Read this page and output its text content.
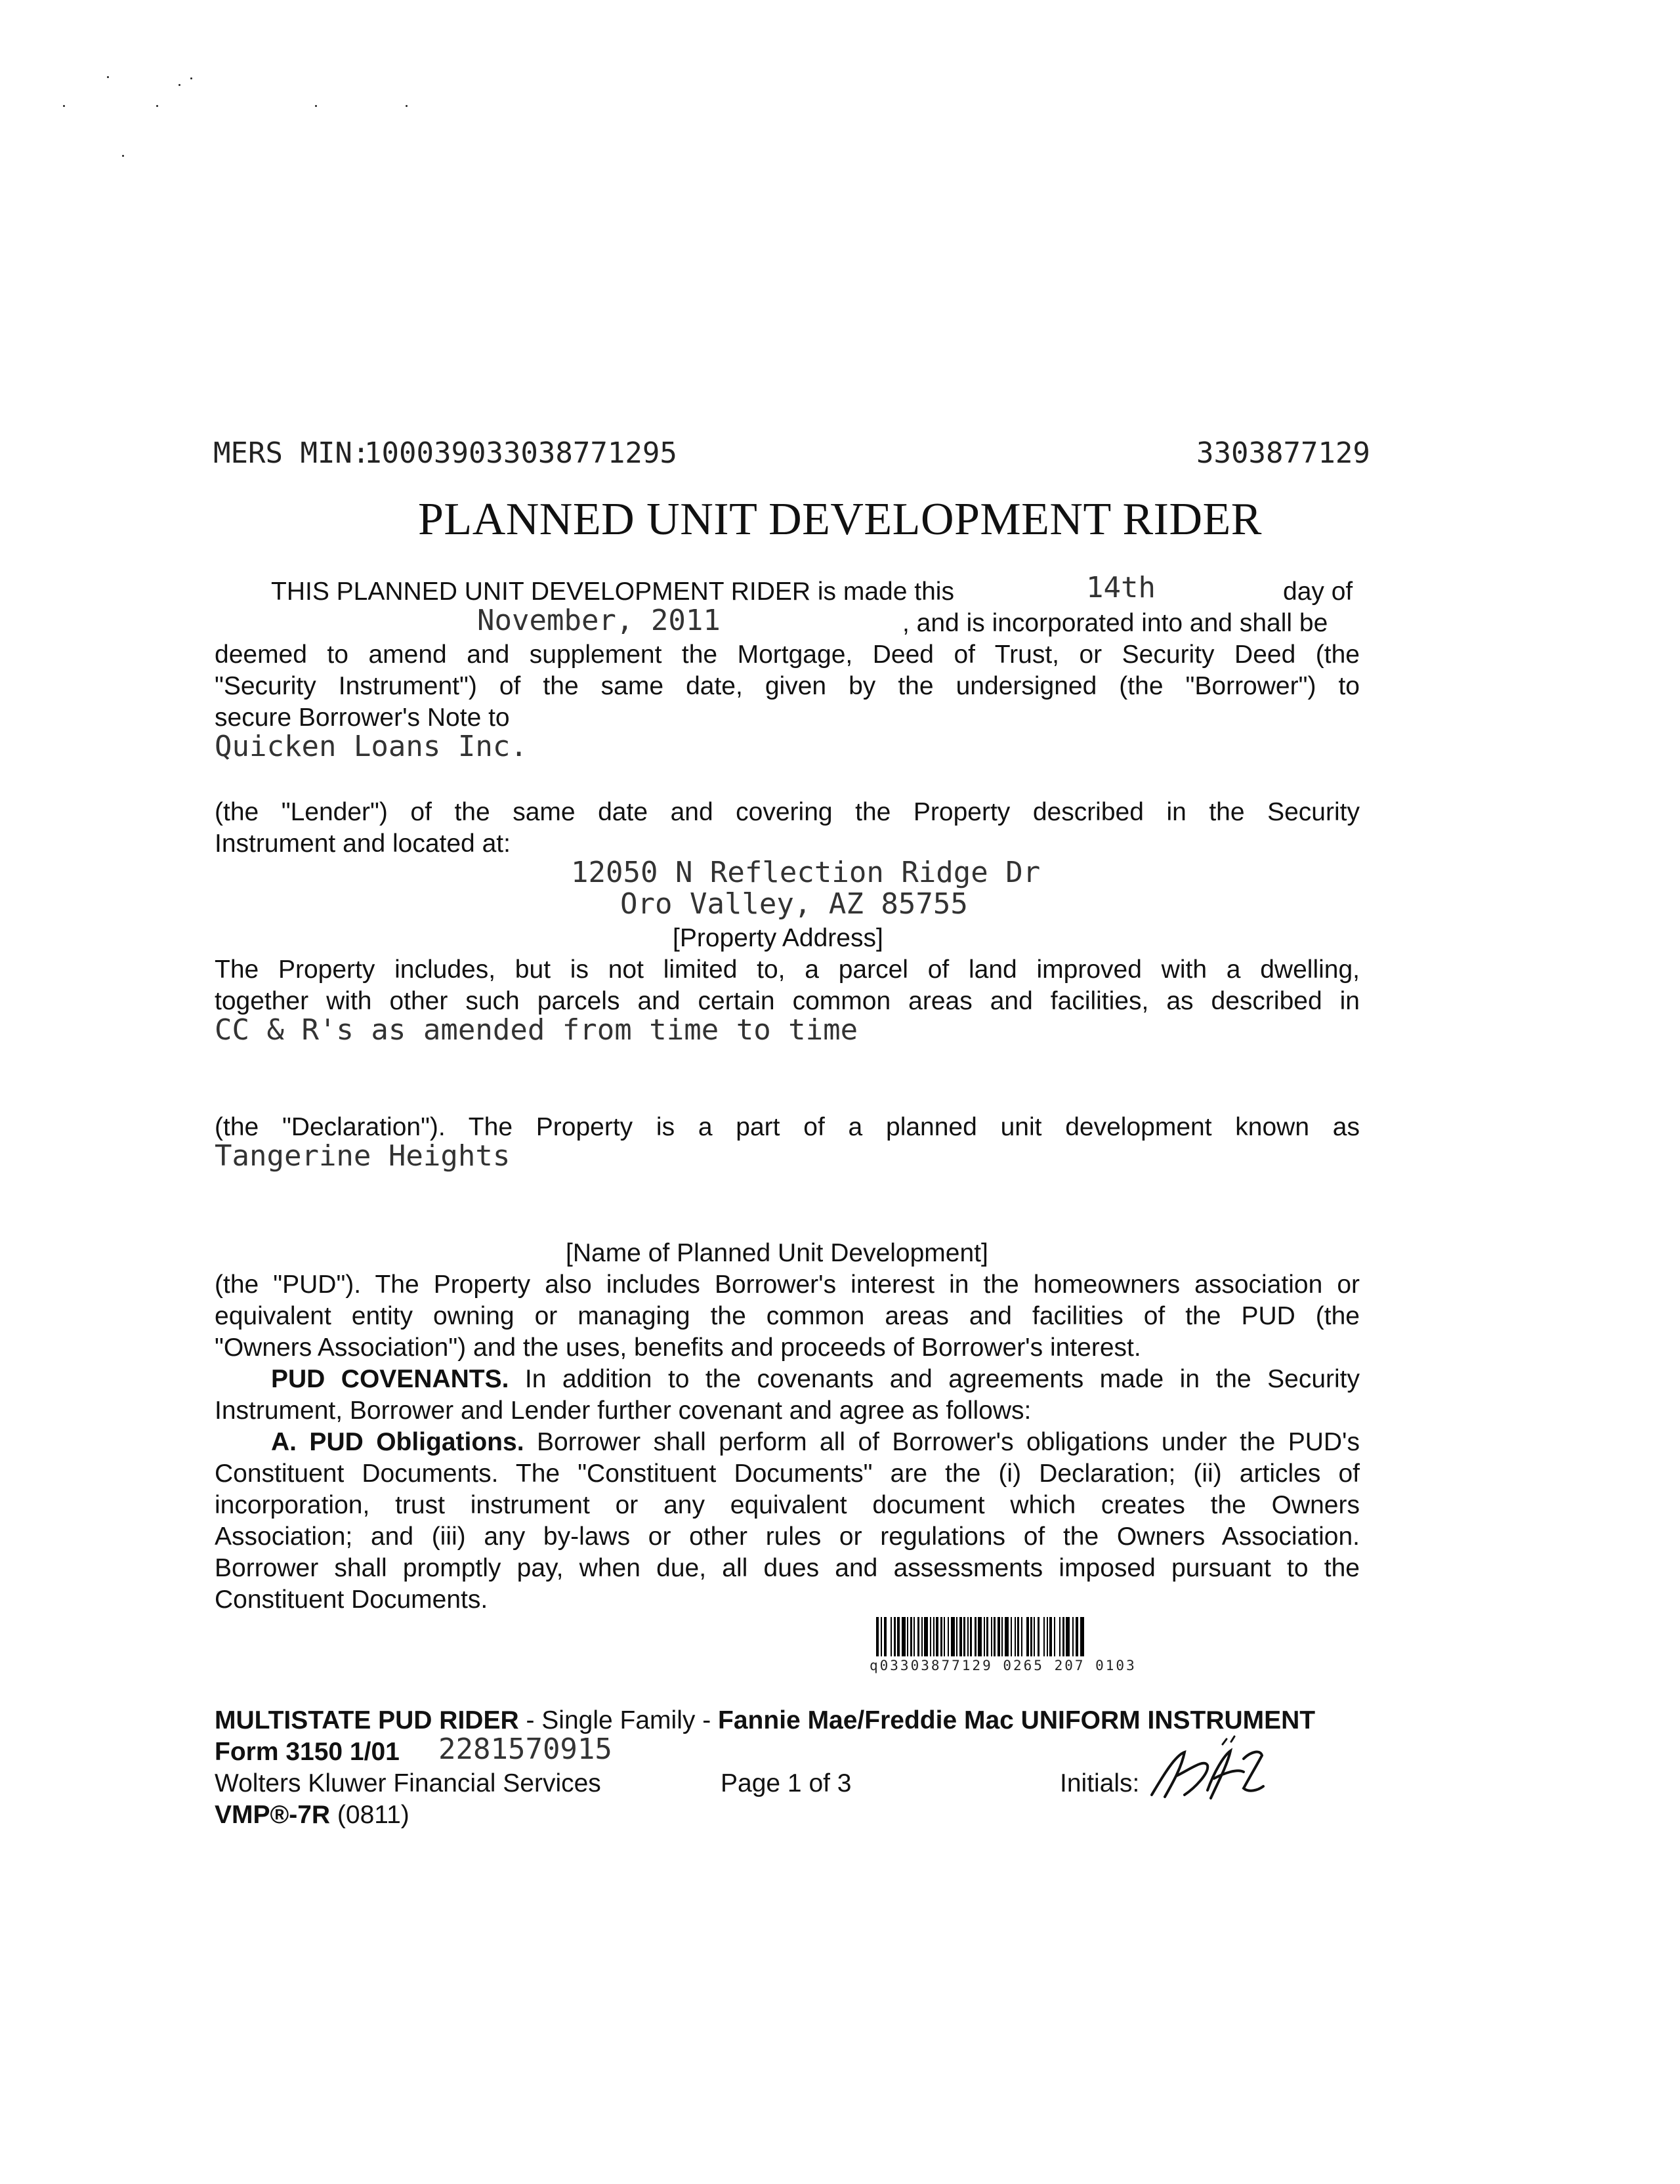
MERS MIN:
100039033038771295	3303877129
PLANNED UNIT DEVELOPMENT RIDER
THIS PLANNED UNIT DEVELOPMENT RIDER is made this	14th	day of
November, 2011	, and is incorporated into and shall be
deemed to amend and supplement the Mortgage, Deed of Trust, or Security Deed (the
"Security Instrument") of the same date, given by the undersigned (the "Borrower") to
secure Borrower's Note to
Quicken Loans Inc.
(the "Lender") of the same date and covering the Property described in the Security
Instrument and located at:
12050 N Reflection Ridge Dr
Oro Valley, AZ 85755
[Property Address]
The Property includes, but is not limited to, a parcel of land improved with a dwelling,
together with other such parcels and certain common areas and facilities, as described in
CC & R's as amended from time to time
(the "Declaration"). The Property is a part of a planned unit development known as
Tangerine Heights
[Name of Planned Unit Development]
(the "PUD"). The Property also includes Borrower's interest in the homeowners association or
equivalent entity owning or managing the common areas and facilities of the PUD (the
"Owners Association") and the uses, benefits and proceeds of Borrower's interest.
PUD COVENANTS. In addition to the covenants and agreements made in the Security
Instrument, Borrower and Lender further covenant and agree as follows:
A. PUD Obligations. Borrower shall perform all of Borrower's obligations under the PUD's
Constituent Documents. The "Constituent Documents" are the (i) Declaration; (ii) articles of
incorporation, trust instrument or any equivalent document which creates the Owners
Association; and (iii) any by-laws or other rules or regulations of the Owners Association.
Borrower shall promptly pay, when due, all dues and assessments imposed pursuant to the
Constituent Documents.
q03303877129 0265 207 0103
MULTISTATE PUD RIDER - Single Family - Fannie Mae/Freddie Mac UNIFORM INSTRUMENT
Form 3150 1/01 2281570915
Wolters Kluwer Financial Services	Page 1 of 3	Initials:
VMP®-7R (0811)
